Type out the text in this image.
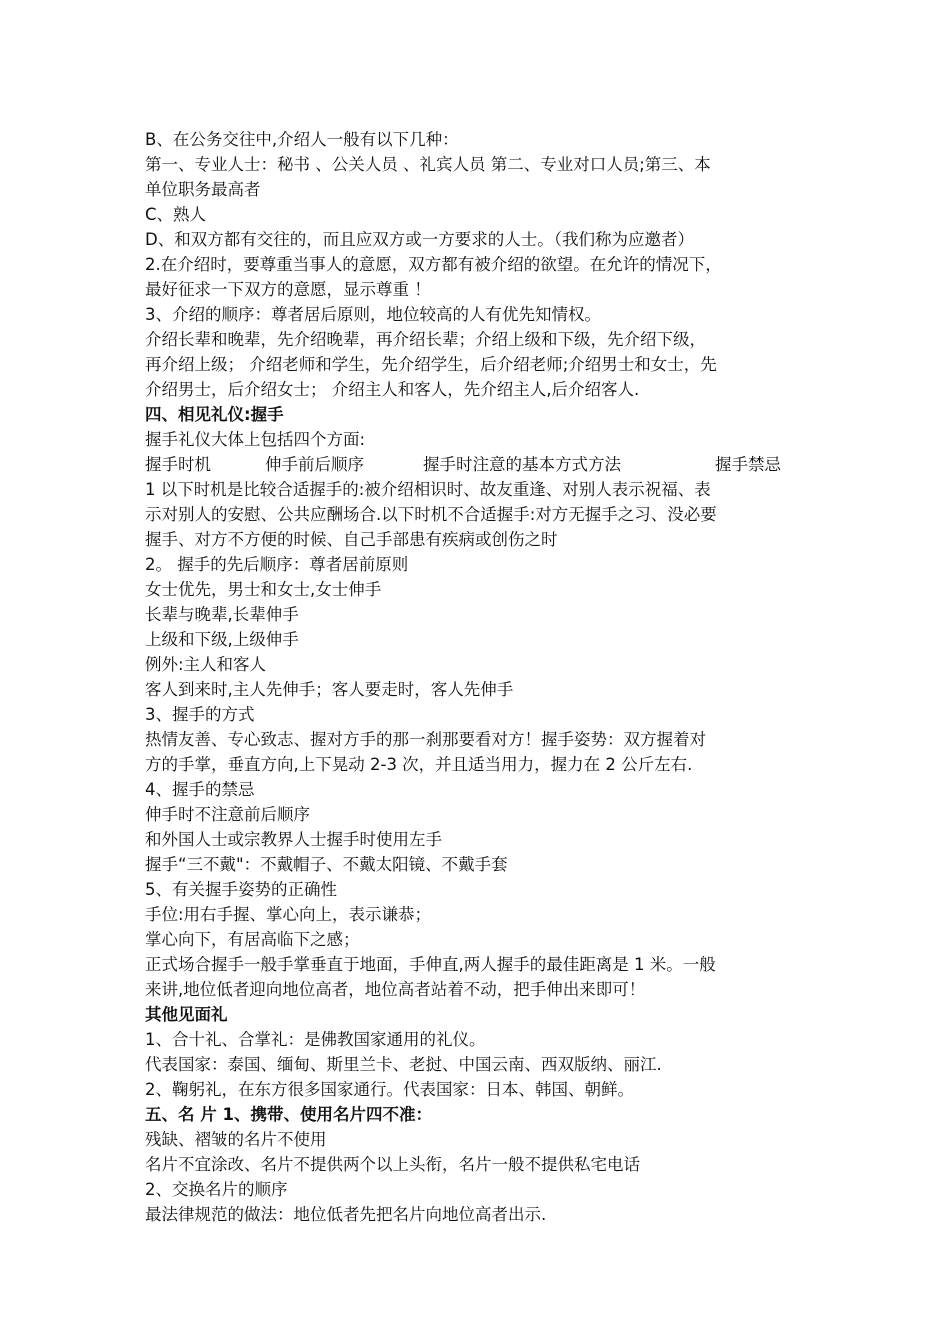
B、在公务交往中,介绍人一般有以下几种：

第一、专业人士：秘书 、公关人员 、礼宾人员 第二、专业对口人员;第三、本

单位职务最高者

C、熟人

D、和双方都有交往的，而且应双方或一方要求的人士。（我们称为应邀者）

2.在介绍时，要尊重当事人的意愿，双方都有被介绍的欲望。在允许的情况下，

最好征求一下双方的意愿，显示尊重 ！

3、介绍的顺序：尊者居后原则，地位较高的人有优先知情权。

介绍长辈和晚辈，先介绍晚辈，再介绍长辈；介绍上级和下级，先介绍下级，

再介绍上级； 介绍老师和学生，先介绍学生，后介绍老师;介绍男士和女士，先

介绍男士，后介绍女士； 介绍主人和客人，先介绍主人,后介绍客人.

四、相见礼仪:握手

握手礼仪大体上包括四个方面:

握手时机	伸手前后顺序	握手时注意的基本方式方法	握手禁忌

1 以下时机是比较合适握手的:被介绍相识时、故友重逢、对别人表示祝福、表

示对别人的安慰、公共应酬场合.以下时机不合适握手:对方无握手之习、没必要

握手、对方不方便的时候、自己手部患有疾病或创伤之时

2。 握手的先后顺序：尊者居前原则

女士优先，男士和女士,女士伸手

长辈与晚辈,长辈伸手

上级和下级,上级伸手

例外:主人和客人

客人到来时,主人先伸手；客人要走时，客人先伸手

3、握手的方式

热情友善、专心致志、握对方手的那一刹那要看对方！握手姿势：双方握着对

方的手掌，垂直方向,上下晃动 2-3 次，并且适当用力，握力在 2 公斤左右.

4、握手的禁忌

伸手时不注意前后顺序

和外国人士或宗教界人士握手时使用左手

握手“三不戴"：不戴帽子、不戴太阳镜、不戴手套

5、有关握手姿势的正确性

手位:用右手握、掌心向上，表示谦恭；

掌心向下，有居高临下之感；

正式场合握手一般手掌垂直于地面，手伸直,两人握手的最佳距离是 1 米。一般

来讲,地位低者迎向地位高者，地位高者站着不动，把手伸出来即可！

其他见面礼

1、合十礼、合掌礼：是佛教国家通用的礼仪。

代表国家：泰国、缅甸、斯里兰卡、老挝、中国云南、西双版纳、丽江.

2、鞠躬礼，在东方很多国家通行。代表国家：日本、韩国、朝鲜。

五、名 片 1、携带、使用名片四不准：

残缺、褶皱的名片不使用

名片不宜涂改、名片不提供两个以上头衔，名片一般不提供私宅电话

2、交换名片的顺序

最法律规范的做法：地位低者先把名片向地位高者出示.
